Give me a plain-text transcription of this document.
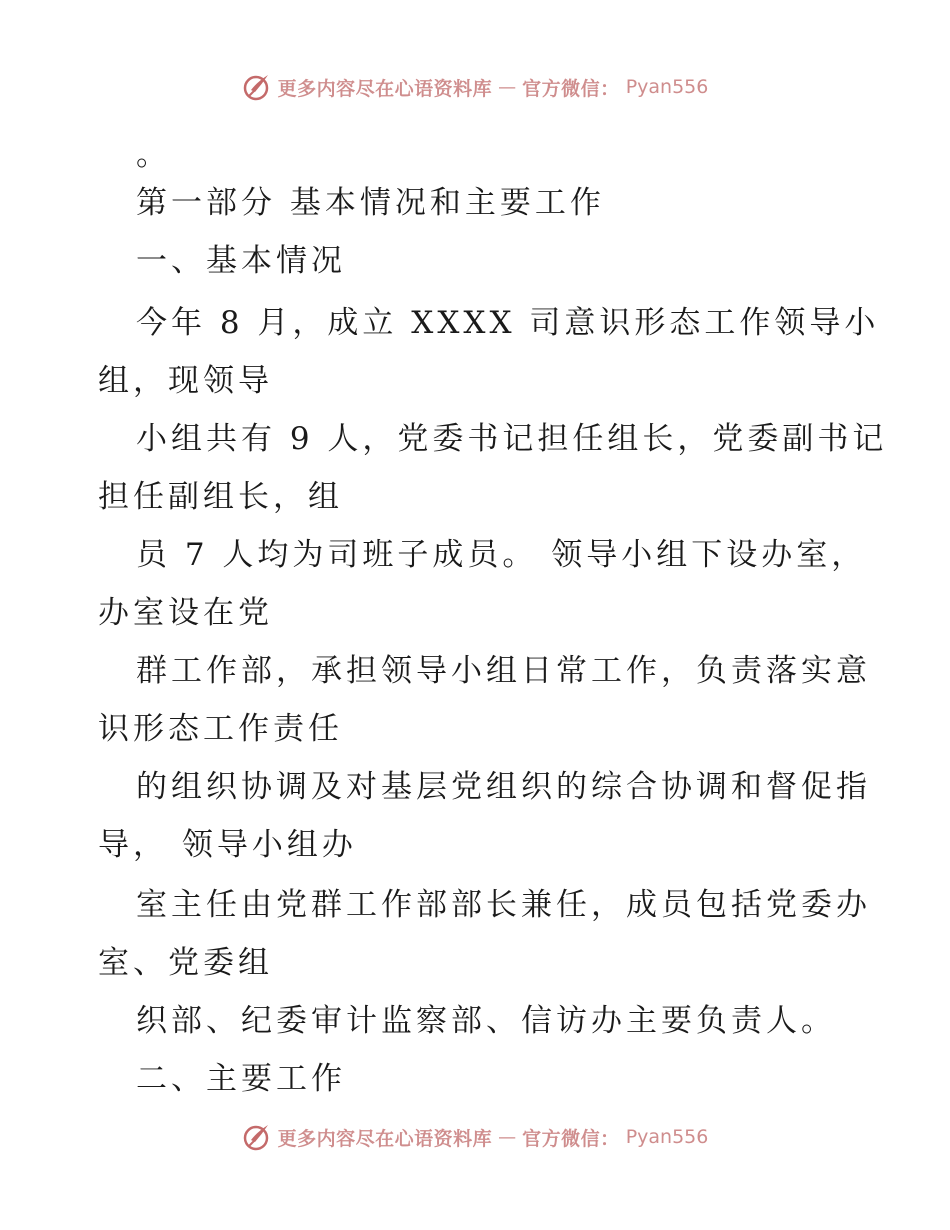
更多内容尽在心语资料库 — 官方微信： Pyan556
。
第一部分 基本情况和主要工作
一、基本情况
今年 8 月，成立 XXXX 司意识形态工作领导小
组，现领导
小组共有 9 人，党委书记担任组长，党委副书记
担任副组长，组
员 7 人均为司班子成员。 领导小组下设办室，
办室设在党
群工作部，承担领导小组日常工作，负责落实意
识形态工作责任
的组织协调及对基层党组织的综合协调和督促指
导， 领导小组办
室主任由党群工作部部长兼任，成员包括党委办
室、党委组
织部、纪委审计监察部、信访办主要负责人。
二、主要工作
更多内容尽在心语资料库 — 官方微信： Pyan556
